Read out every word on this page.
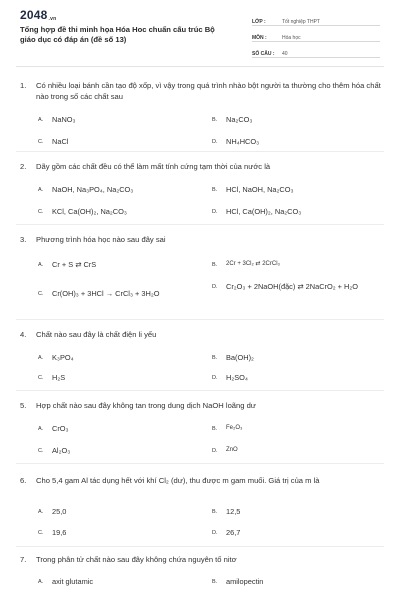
2048.vn
Tổng hợp đề thi minh họa Hóa Hoc chuẩn cấu trúc Bộ giáo dục có đáp án (đề số 13)
LỚP :	Tốt nghiệp THPT
MÔN :	Hóa học
SỐ CÂU :	40
1.	Có nhiều loại bánh cần tạo độ xốp, vì vậy trong quá trình nhào bột người ta thường cho thêm hóa chất nào trong số các chất sau
A.	NaNO₃	B.	Na₂CO₃
C.	NaCl	D.	NH₄HCO₃
2.	Dãy gồm các chất đều có thể làm mất tính cứng tạm thời của nước là
A.	NaOH, Na₃PO₄, Na₂CO₃	B.	HCl, NaOH, Na₂CO₃
C.	KCl, Ca(OH)₂, Na₂CO₃	D.	HCl, Ca(OH)₂, Na₂CO₃
3.	Phương trình hóa học nào sau đây sai
A.	Cr + S ⇄ CrS	B.	2Cr + 3Cl₂ ⇄ 2CrCl₃
C.	Cr(OH)₃ + 3HCl → CrCl₃ + 3H₂O
D.	Cr₂O₃ + 2NaOH(đặc) ⇄ 2NaCrO₂ + H₂O
4.	Chất nào sau đây là chất điện li yếu
A.	K₃PO₄	B.	Ba(OH)₂
C.	H₂S	D.	H₂SO₄
5.	Hợp chất nào sau đây không tan trong dung dịch NaOH loãng dư
A.	CrO₃	B.	Fe₂O₃
C.	Al₂O₃	D.	ZnO
6.	Cho 5,4 gam Al tác dụng hết với khí Cl₂ (dư), thu được m gam muối. Giá trị của m là
A.	25,0	B.	12,5
C.	19,6	D.	26,7
7.	Trong phân tử chất nào sau đây không chứa nguyên tố nitơ
A.	axit glutamic	B.	amilopectin
